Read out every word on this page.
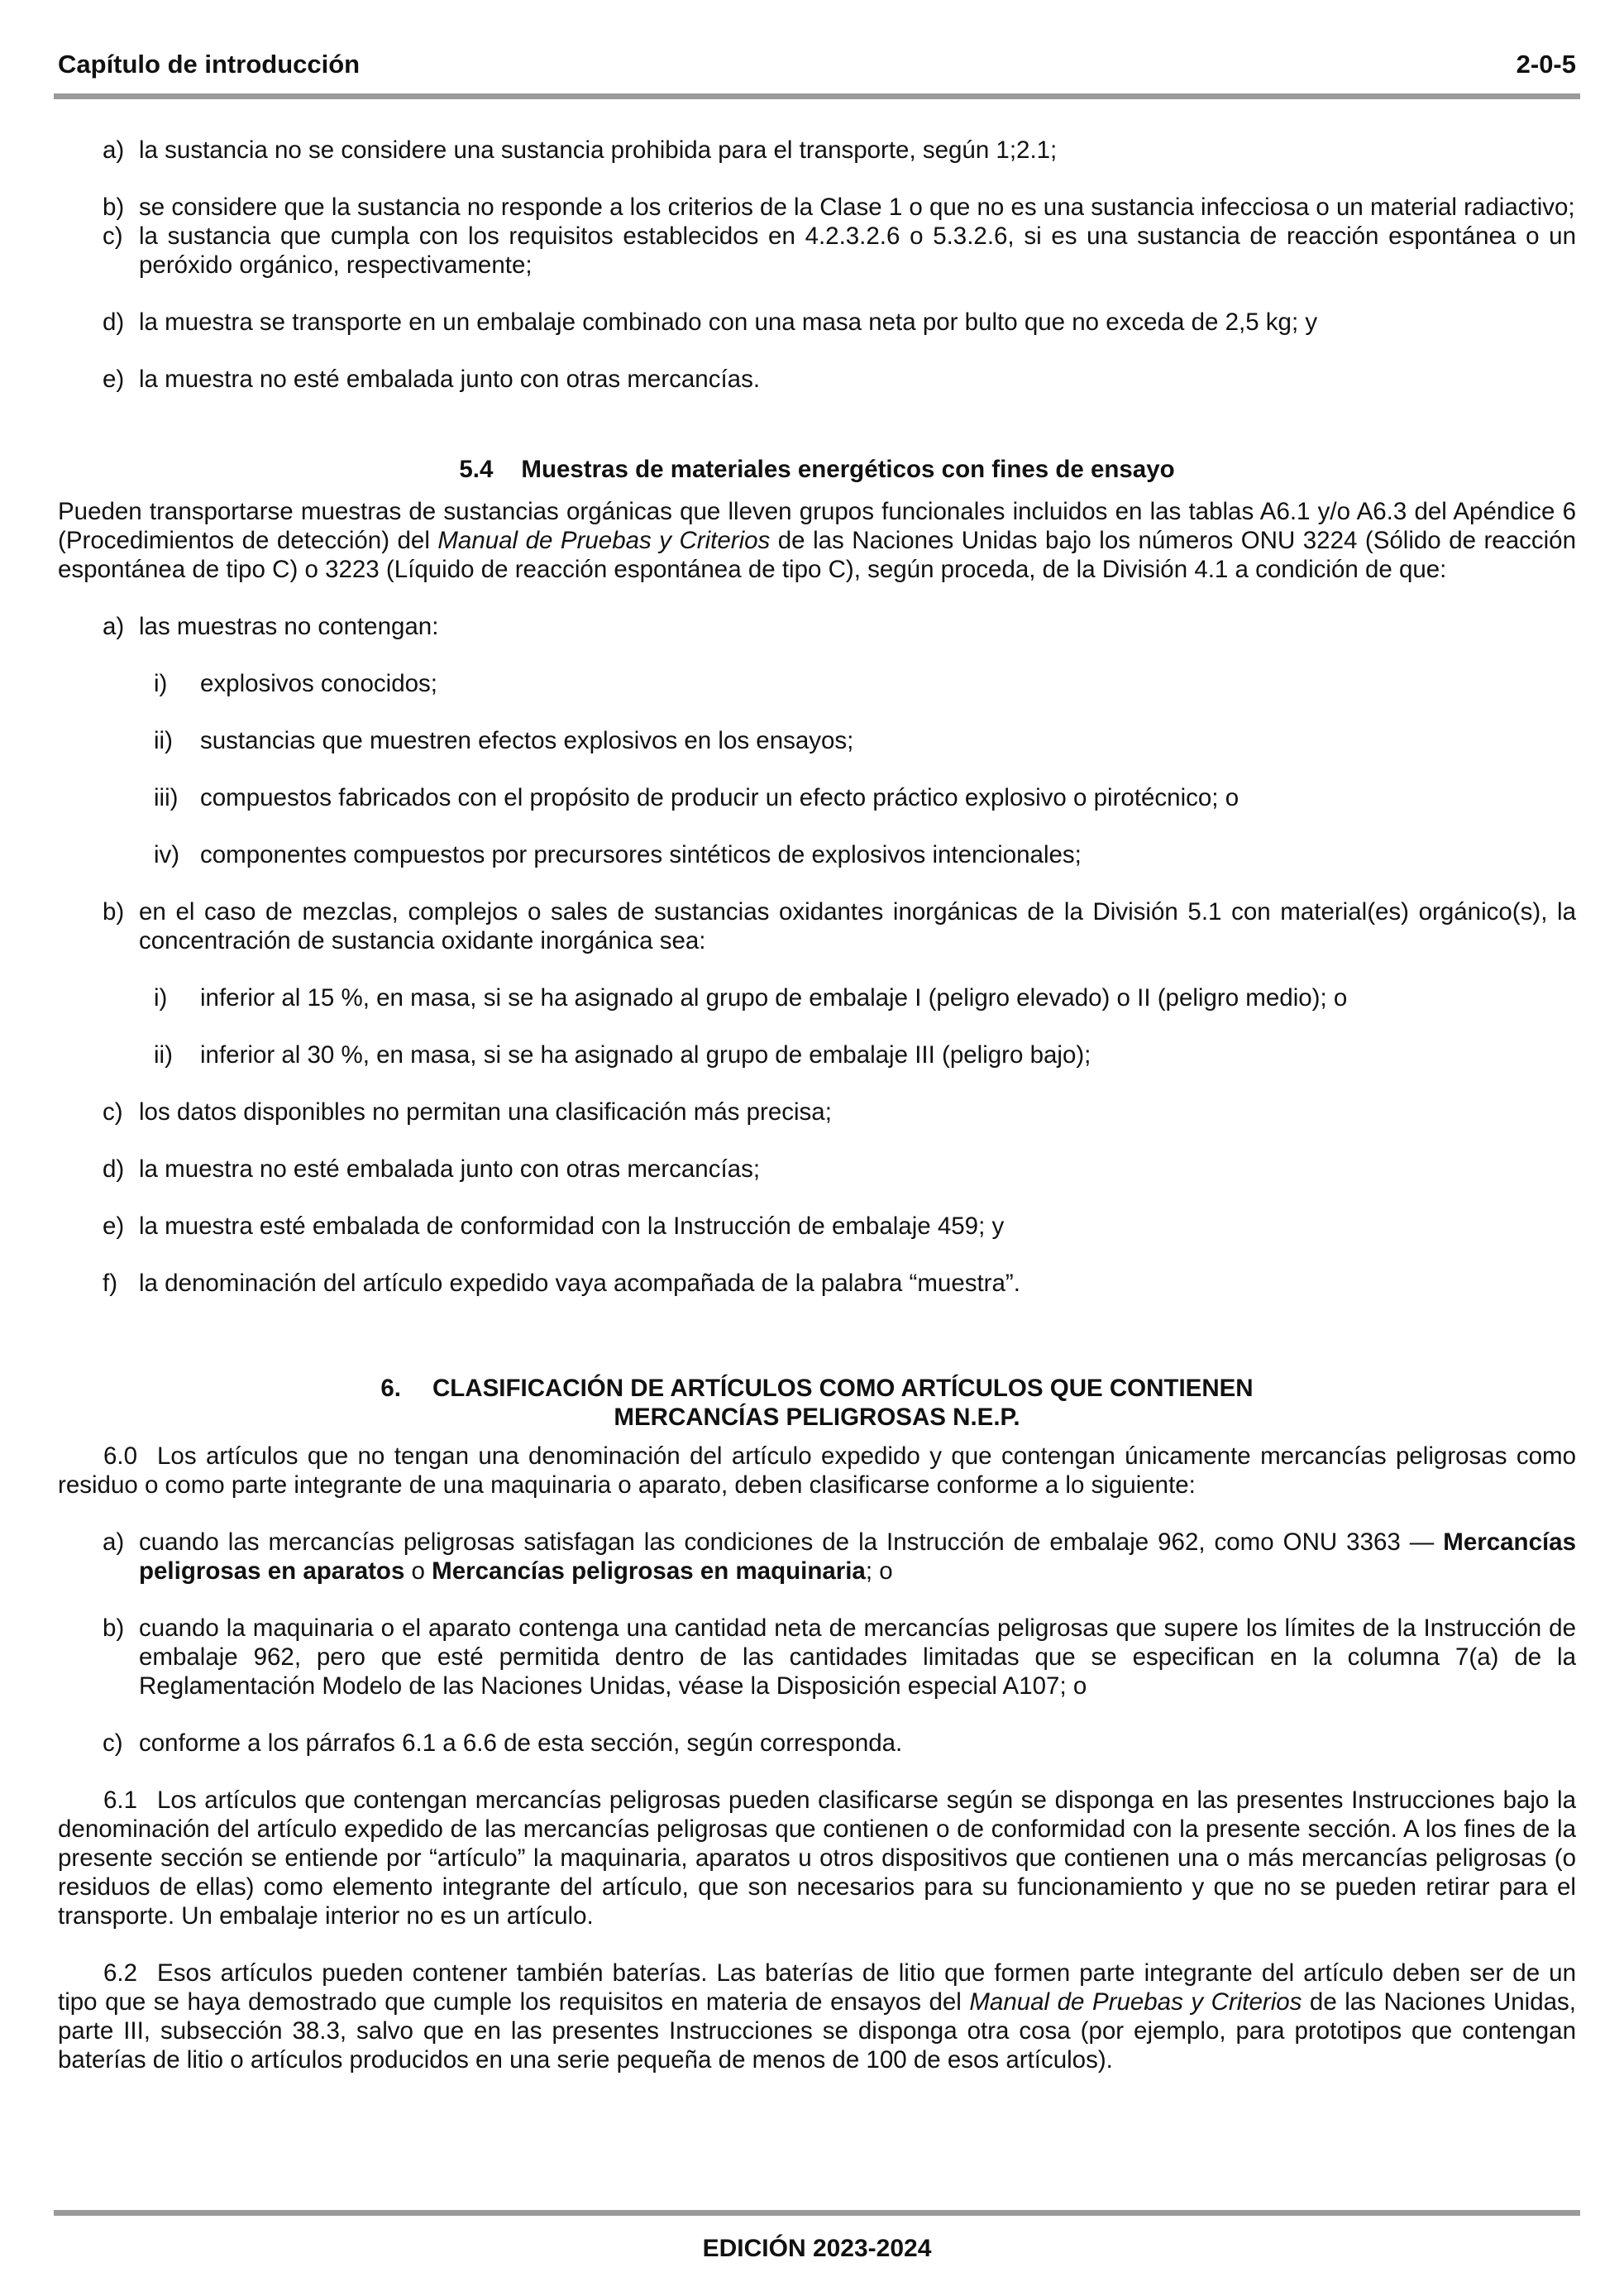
Capítulo de introducción	2-0-5
a) la sustancia no se considere una sustancia prohibida para el transporte, según 1;2.1;
b) se considere que la sustancia no responde a los criterios de la Clase 1 o que no es una sustancia infecciosa o un material radiactivo;
c) la sustancia que cumpla con los requisitos establecidos en 4.2.3.2.6 o 5.3.2.6, si es una sustancia de reacción espontánea o un peróxido orgánico, respectivamente;
d) la muestra se transporte en un embalaje combinado con una masa neta por bulto que no exceda de 2,5 kg; y
e) la muestra no esté embalada junto con otras mercancías.
5.4 Muestras de materiales energéticos con fines de ensayo
Pueden transportarse muestras de sustancias orgánicas que lleven grupos funcionales incluidos en las tablas A6.1 y/o A6.3 del Apéndice 6 (Procedimientos de detección) del Manual de Pruebas y Criterios de las Naciones Unidas bajo los números ONU 3224 (Sólido de reacción espontánea de tipo C) o 3223 (Líquido de reacción espontánea de tipo C), según proceda, de la División 4.1 a condición de que:
a) las muestras no contengan:
i)	explosivos conocidos;
ii)	sustancias que muestren efectos explosivos en los ensayos;
iii) compuestos fabricados con el propósito de producir un efecto práctico explosivo o pirotécnico; o
iv) componentes compuestos por precursores sintéticos de explosivos intencionales;
b) en el caso de mezclas, complejos o sales de sustancias oxidantes inorgánicas de la División 5.1 con material(es) orgánico(s), la concentración de sustancia oxidante inorgánica sea:
i)	inferior al 15 %, en masa, si se ha asignado al grupo de embalaje I (peligro elevado) o II (peligro medio); o
ii)	inferior al 30 %, en masa, si se ha asignado al grupo de embalaje III (peligro bajo);
c) los datos disponibles no permitan una clasificación más precisa;
d) la muestra no esté embalada junto con otras mercancías;
e) la muestra esté embalada de conformidad con la Instrucción de embalaje 459; y
f) la denominación del artículo expedido vaya acompañada de la palabra “muestra”.
6. CLASIFICACIÓN DE ARTÍCULOS COMO ARTÍCULOS QUE CONTIENEN
MERCANCÍAS PELIGROSAS N.E.P.
6.0 Los artículos que no tengan una denominación del artículo expedido y que contengan únicamente mercancías peligrosas como residuo o como parte integrante de una maquinaria o aparato, deben clasificarse conforme a lo siguiente:
a) cuando las mercancías peligrosas satisfagan las condiciones de la Instrucción de embalaje 962, como ONU 3363 — Mercancías peligrosas en aparatos o Mercancías peligrosas en maquinaria; o
b) cuando la maquinaria o el aparato contenga una cantidad neta de mercancías peligrosas que supere los límites de la Instrucción de embalaje 962, pero que esté permitida dentro de las cantidades limitadas que se especifican en la columna 7(a) de la Reglamentación Modelo de las Naciones Unidas, véase la Disposición especial A107; o
c) conforme a los párrafos 6.1 a 6.6 de esta sección, según corresponda.
6.1 Los artículos que contengan mercancías peligrosas pueden clasificarse según se disponga en las presentes Instrucciones bajo la denominación del artículo expedido de las mercancías peligrosas que contienen o de conformidad con la presente sección. A los fines de la presente sección se entiende por “artículo” la maquinaria, aparatos u otros dispositivos que contienen una o más mercancías peligrosas (o residuos de ellas) como elemento integrante del artículo, que son necesarios para su funcionamiento y que no se pueden retirar para el transporte. Un embalaje interior no es un artículo.
6.2 Esos artículos pueden contener también baterías. Las baterías de litio que formen parte integrante del artículo deben ser de un tipo que se haya demostrado que cumple los requisitos en materia de ensayos del Manual de Pruebas y Criterios de las Naciones Unidas, parte III, subsección 38.3, salvo que en las presentes Instrucciones se disponga otra cosa (por ejemplo, para prototipos que contengan baterías de litio o artículos producidos en una serie pequeña de menos de 100 de esos artículos).
EDICIÓN 2023-2024
